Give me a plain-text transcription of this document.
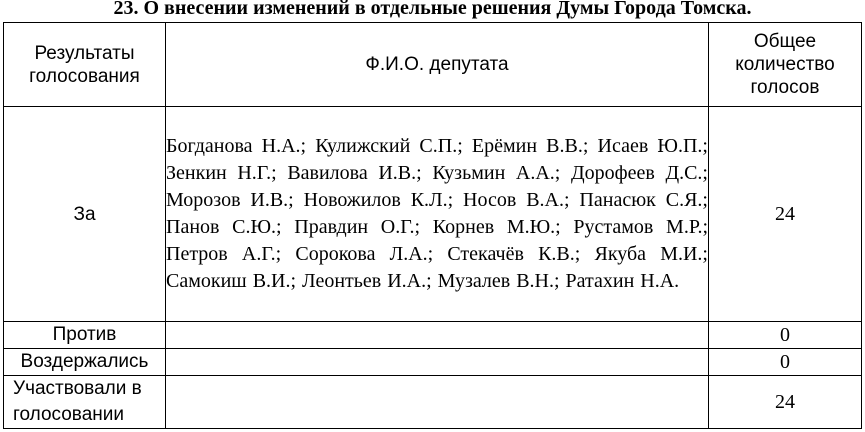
23. О внесении изменений в отдельные решения Думы Города Томска.
Результаты голосования	Ф.И.О. депутата	Общее количество голосов
За	Богданова Н.А.; Кулижский С.П.; Ерёмин В.В.; Исаев Ю.П.; Зенкин Н.Г.; Вавилова И.В.; Кузьмин А.А.; Дорофеев Д.С.; Морозов И.В.; Новожилов К.Л.; Носов В.А.; Панасюк С.Я.; Панов С.Ю.; Правдин О.Г.; Корнев М.Ю.; Рустамов М.Р.; Петров А.Г.; Сорокова Л.А.; Стекачёв К.В.; Якуба М.И.; Самокиш В.И.; Леонтьев И.А.; Музалев В.Н.; Ратахин Н.А.	24
Против		0
Воздержались		0
Участвовали в голосовании		24
